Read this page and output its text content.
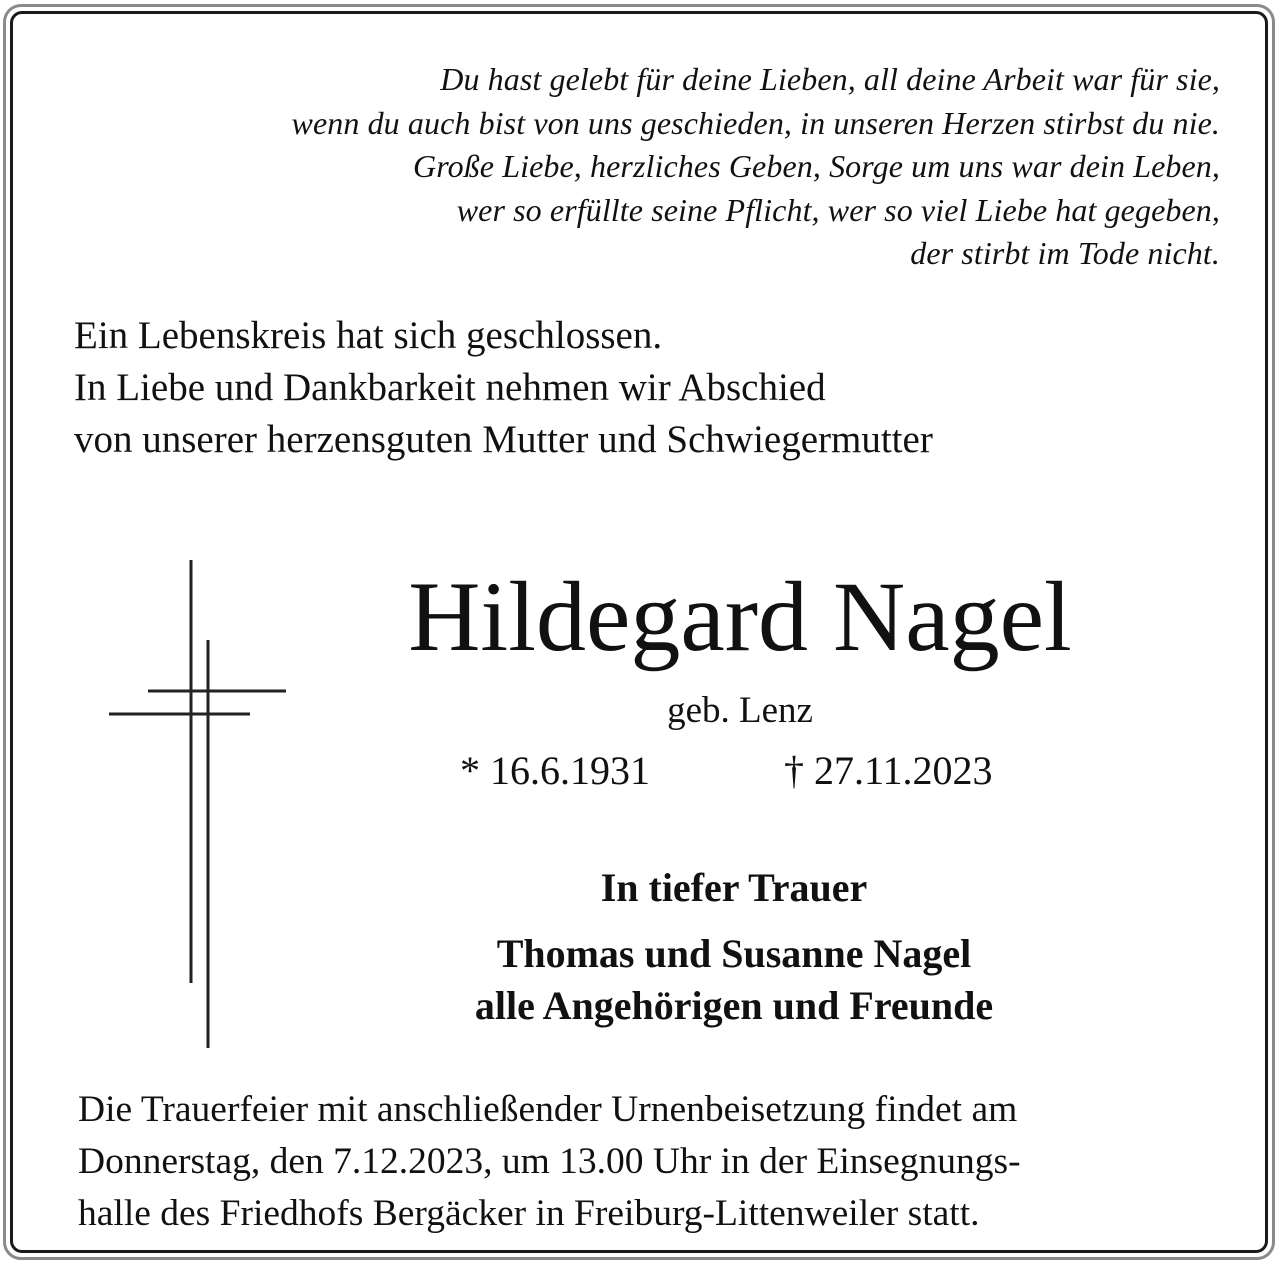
Du hast gelebt für deine Lieben, all deine Arbeit war für sie,
wenn du auch bist von uns geschieden, in unseren Herzen stirbst du nie.
Große Liebe, herzliches Geben, Sorge um uns war dein Leben,
wer so erfüllte seine Pflicht, wer so viel Liebe hat gegeben,
der stirbt im Tode nicht.
Ein Lebenskreis hat sich geschlossen.
In Liebe und Dankbarkeit nehmen wir Abschied
von unserer herzensguten Mutter und Schwiegermutter
Hildegard Nagel
geb. Lenz
* 16.6.1931	† 27.11.2023
In tiefer Trauer
Thomas und Susanne Nagel
alle Angehörigen und Freunde
Die Trauerfeier mit anschließender Urnenbeisetzung findet am
Donnerstag, den 7.12.2023, um 13.00 Uhr in der Einsegnungs-
halle des Friedhofs Bergäcker in Freiburg-Littenweiler statt.
